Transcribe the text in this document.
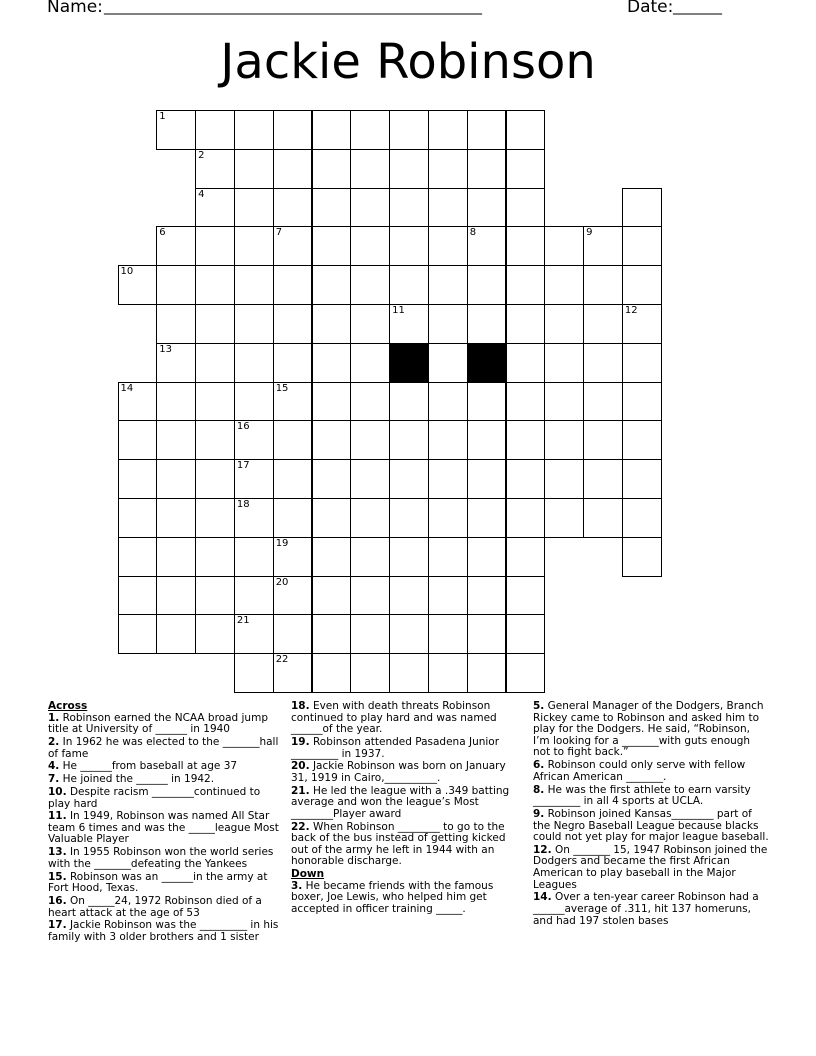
Name: ______________________________________________________	Date: _______
Jackie Robinson
1
2
4
6	7	8	9
10
11	12
13
14	15
16
17
18
19
20
21
22
Across
1. Robinson earned the NCAA broad jump title at University of ______ in 1940
2. In 1962 he was elected to the _______hall of fame
4. He ______from baseball at age 37
7. He joined the ______ in 1942.
10. Despite racism ________continued to play hard
11. In 1949, Robinson was named All Star team 6 times and was the _____league Most Valuable Player
13. In 1955 Robinson won the world series with the _______defeating the Yankees
15. Robinson was an ______in the army at Fort Hood, Texas.
16. On _____24, 1972 Robinson died of a heart attack at the age of 53
17. Jackie Robinson was the _________ in his family with 3 older brothers and 1 sister
18. Even with death threats Robinson continued to play hard and was named ______of the year.
19. Robinson attended Pasadena Junior _________ in 1937.
20. Jackie Robinson was born on January 31, 1919 in Cairo,__________.
21. He led the league with a .349 batting average and won the league’s Most ________Player award
22. When Robinson ________ to go to the back of the bus instead of getting kicked out of the army he left in 1944 with an honorable discharge.
Down
3. He became friends with the famous boxer, Joe Lewis, who helped him get accepted in officer training _____.
5. General Manager of the Dodgers, Branch Rickey came to Robinson and asked him to play for the Dodgers. He said, “Robinson, I’m looking for a _______with guts enough not to fight back.”
6. Robinson could only serve with fellow African American _______.
8. He was the first athlete to earn varsity _________ in all 4 sports at UCLA.
9. Robinson joined Kansas________ part of the Negro Baseball League because blacks could not yet play for major league baseball.
12. On _______ 15, 1947 Robinson joined the Dodgers and became the first African American to play baseball in the Major Leagues
14. Over a ten-year career Robinson had a ______average of .311, hit 137 homeruns, and had 197 stolen bases
